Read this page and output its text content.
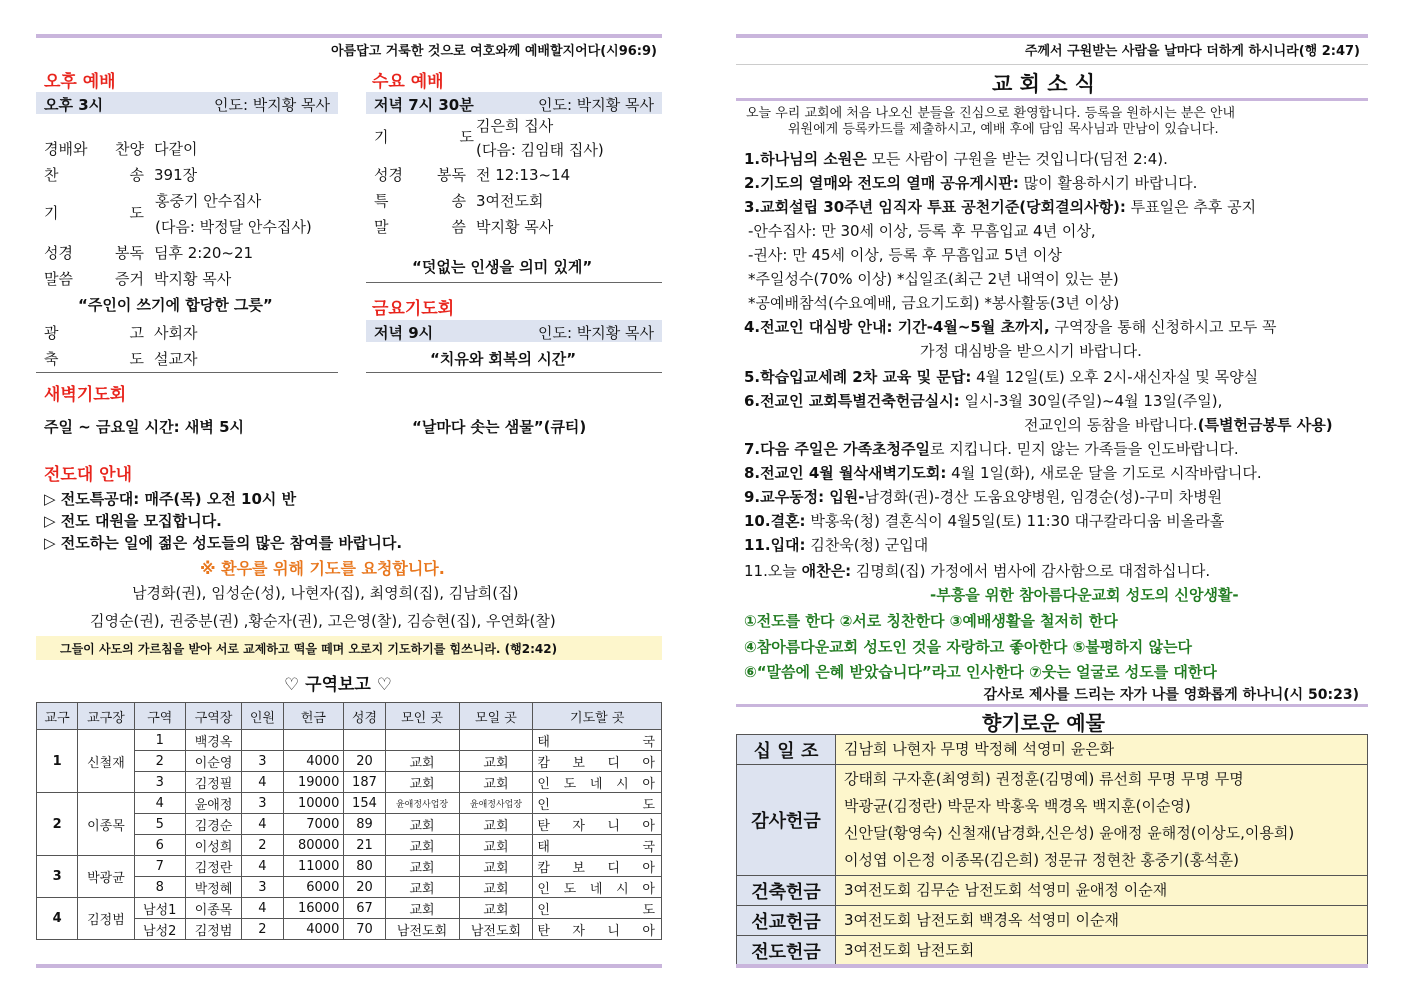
아름답고 거룩한 것으로 여호와께 예배할지어다(시96:9)
오후 예배
오후 3시	인도: 박지황 목사
경배와 찬양 다같이
찬 송 391장
기 도
홍중기 안수집사
(다음: 박정달 안수집사)
성경 봉독 딤후 2:20~21
말씀 증거 박지황 목사
“주인이 쓰기에 합당한 그릇”
광 고 사회자
축 도 설교자
수요 예배
저녁 7시 30분	인도: 박지황 목사
기 도
김은희 집사
(다음: 김임태 집사)
성경 봉독 전 12:13~14
특 송 3여전도회
말 씀 박지황 목사
“덧없는 인생을 의미 있게”
금요기도회
저녁 9시	인도: 박지황 목사
“치유와 회복의 시간”
새벽기도회
주일 ~ 금요일 시간: 새벽 5시	“날마다 솟는 샘물”(큐티)
전도대 안내
▷ 전도특공대: 매주(목) 오전 10시 반
▷ 전도 대원을 모집합니다.
▷ 전도하는 일에 젊은 성도들의 많은 참여를 바랍니다.
※ 환우를 위해 기도를 요청합니다.
남경화(권), 임성순(성), 나현자(집), 최영희(집), 김남희(집)
김영순(권), 권중분(권) ,황순자(권), 고은영(찰), 김승현(집), 우연화(찰)
그들이 사도의 가르침을 받아 서로 교제하고 떡을 떼며 오로지 기도하기를 힘쓰니라. (행2:42)
♡ 구역보고 ♡
교구	교구장	구역	구역장	인원	헌금	성경	모인 곳	모일 곳	기도할 곳
1	신철재	1	백경옥						태 국
		2	이순영	3	4000	20	교회	교회	캄 보 디 아
		3	김정필	4	19000	187	교회	교회	인 도 네 시 아
2	이종목	4	윤애정	3	10000	154	윤애정사업장	윤애정사업장	인 도
		5	김경순	4	7000	89	교회	교회	탄 자 니 아
		6	이성희	2	80000	21	교회	교회	태 국
3	박광균	7	김정란	4	11000	80	교회	교회	캄 보 디 아
		8	박정혜	3	6000	20	교회	교회	인 도 네 시 아
4	김정범	남성1	이종목	4	16000	67	교회	교회	인 도
		남성2	김정범	2	4000	70	남전도회	남전도회	탄 자 니 아
주께서 구원받는 사람을 날마다 더하게 하시니라(행 2:47)
교 회 소 식
오늘 우리 교회에 처음 나오신 분들을 진심으로 환영합니다. 등록을 원하시는 분은 안내
위원에게 등록카드를 제출하시고, 예배 후에 담임 목사님과 만남이 있습니다.
1.하나님의 소원은 모든 사람이 구원을 받는 것입니다(딤전 2:4).
2.기도의 열매와 전도의 열매 공유게시판: 많이 활용하시기 바랍니다.
3.교회설립 30주년 임직자 투표 공천기준(당회결의사항): 투표일은 추후 공지
-안수집사: 만 30세 이상, 등록 후 무흠입교 4년 이상,
-권사: 만 45세 이상, 등록 후 무흠입교 5년 이상
*주일성수(70% 이상) *십일조(최근 2년 내역이 있는 분)
*공예배참석(수요예배, 금요기도회) *봉사활동(3년 이상)
4.전교인 대심방 안내: 기간-4월~5월 초까지, 구역장을 통해 신청하시고 모두 꼭
가정 대심방을 받으시기 바랍니다.
5.학습입교세례 2차 교육 및 문답: 4월 12일(토) 오후 2시-새신자실 및 목양실
6.전교인 교회특별건축헌금실시: 일시-3월 30일(주일)~4월 13일(주일),
전교인의 동참을 바랍니다.(특별헌금봉투 사용)
7.다음 주일은 가족초청주일로 지킵니다. 믿지 않는 가족들을 인도바랍니다.
8.전교인 4월 월삭새벽기도회: 4월 1일(화), 새로운 달을 기도로 시작바랍니다.
9.교우동정: 입원-남경화(권)-경산 도움요양병원, 임경순(성)-구미 차병원
10.결혼: 박홍욱(청) 결혼식이 4월5일(토) 11:30 대구칼라디움 비올라홀
11.입대: 김찬욱(청) 군입대
11.오늘 애찬은: 김명희(집) 가정에서 범사에 감사함으로 대접하십니다.
-부흥을 위한 참아름다운교회 성도의 신앙생활-
①전도를 한다 ②서로 칭찬한다 ③예배생활을 철저히 한다
④참아름다운교회 성도인 것을 자랑하고 좋아한다 ⑤불평하지 않는다
⑥“말씀에 은혜 받았습니다”라고 인사한다 ⑦웃는 얼굴로 성도를 대한다
감사로 제사를 드리는 자가 나를 영화롭게 하나니(시 50:23)
향기로운 예물
십 일 조	김남희 나현자 무명 박정혜 석영미 윤은화

감사헌금	강태희 구자훈(최영희) 권정훈(김명예) 류선희 무명 무명 무명
박광균(김정란) 박문자 박홍욱 백경옥 백지훈(이순영)
신안달(황영숙) 신철재(남경화,신은성) 윤애정 윤해정(이상도,이용희)
이성엽 이은정 이종목(김은희) 정문규 정현찬 홍중기(홍석훈)

건축헌금	3여전도회 김무순 남전도회 석영미 윤애정 이순재

선교헌금	3여전도회 남전도회 백경옥 석영미 이순재

전도헌금	3여전도회 남전도회
